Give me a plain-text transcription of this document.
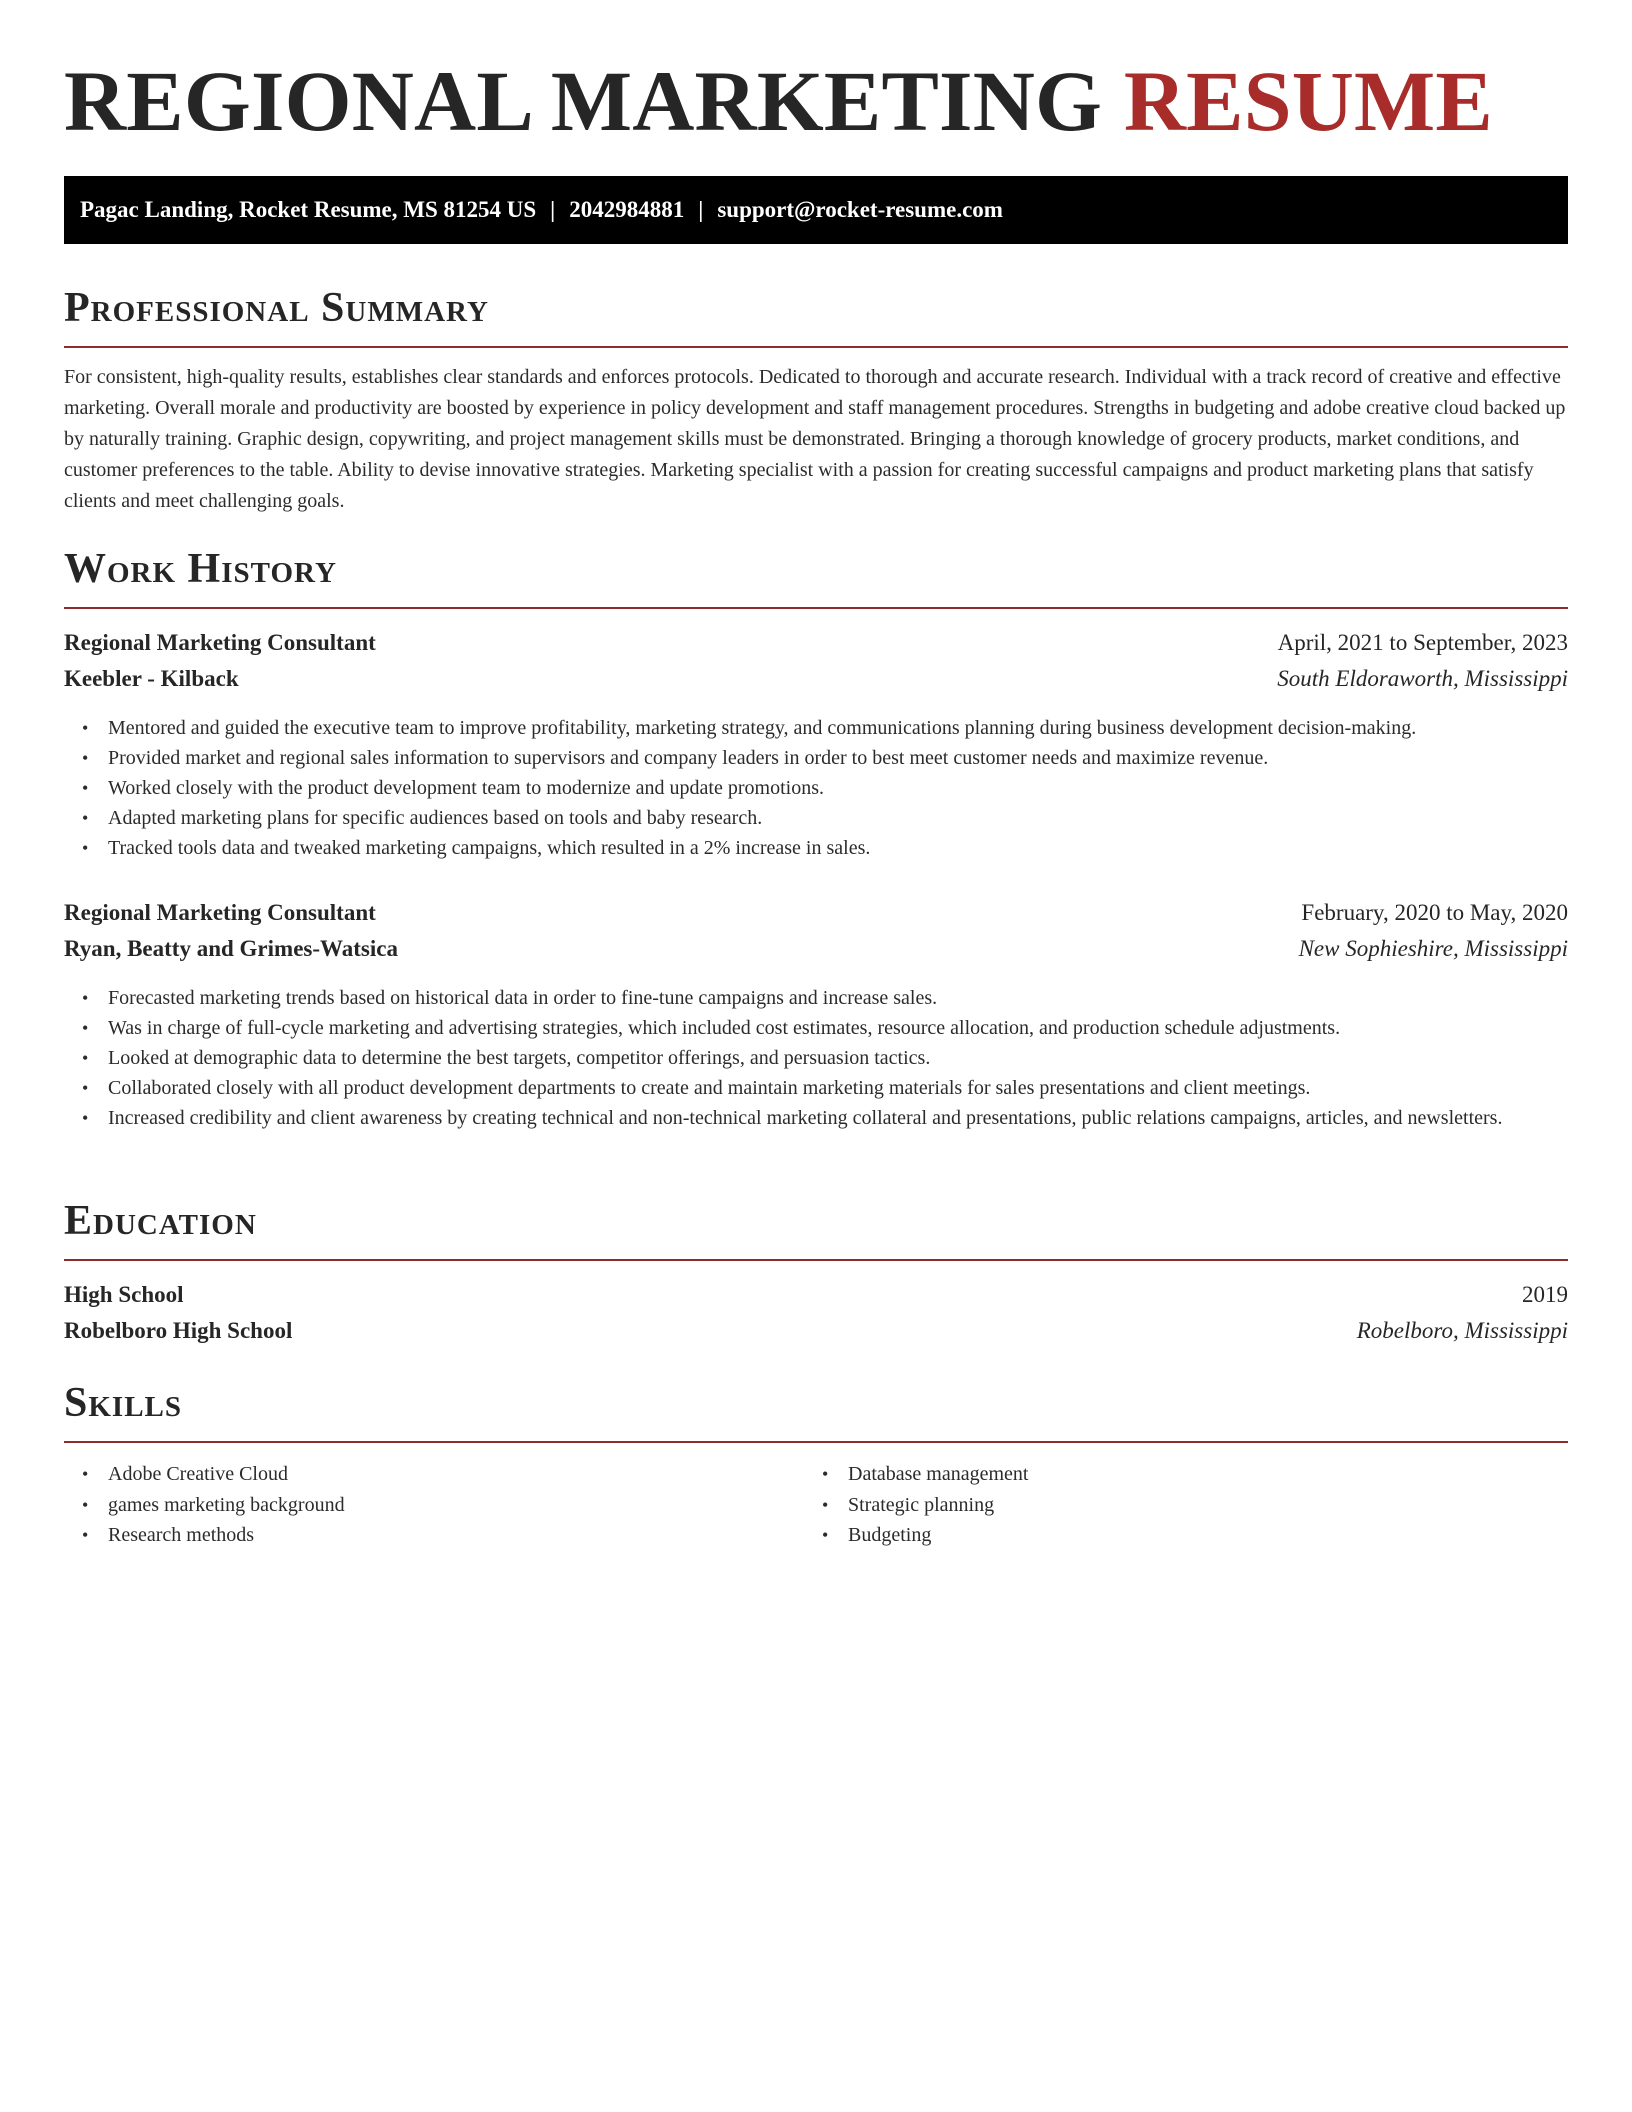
REGIONAL MARKETING RESUME
Pagac Landing, Rocket Resume, MS 81254 US | 2042984881 | support@rocket-resume.com
Professional Summary

For consistent, high-quality results, establishes clear standards and enforces protocols. Dedicated to thorough and accurate research. Individual with a track record of creative and effective marketing. Overall morale and productivity are boosted by experience in policy development and staff management procedures. Strengths in budgeting and adobe creative cloud backed up by naturally training. Graphic design, copywriting, and project management skills must be demonstrated. Bringing a thorough knowledge of grocery products, market conditions, and customer preferences to the table. Ability to devise innovative strategies. Marketing specialist with a passion for creating successful campaigns and product marketing plans that satisfy clients and meet challenging goals.

Work History
Regional Marketing Consultant	April, 2021 to September, 2023
Keebler - Kilback	South Eldoraworth, Mississippi
• Mentored and guided the executive team to improve profitability, marketing strategy, and communications planning during business development decision-making.
• Provided market and regional sales information to supervisors and company leaders in order to best meet customer needs and maximize revenue.
• Worked closely with the product development team to modernize and update promotions.
• Adapted marketing plans for specific audiences based on tools and baby research.
• Tracked tools data and tweaked marketing campaigns, which resulted in a 2% increase in sales.
Regional Marketing Consultant	February, 2020 to May, 2020
Ryan, Beatty and Grimes-Watsica	New Sophieshire, Mississippi
• Forecasted marketing trends based on historical data in order to fine-tune campaigns and increase sales.
• Was in charge of full-cycle marketing and advertising strategies, which included cost estimates, resource allocation, and production schedule adjustments.
• Looked at demographic data to determine the best targets, competitor offerings, and persuasion tactics.
• Collaborated closely with all product development departments to create and maintain marketing materials for sales presentations and client meetings.
• Increased credibility and client awareness by creating technical and non-technical marketing collateral and presentations, public relations campaigns, articles, and newsletters.
Education
High School	2019
Robelboro High School	Robelboro, Mississippi
Skills
• Adobe Creative Cloud
• games marketing background
• Research methods
• Database management
• Strategic planning
• Budgeting
